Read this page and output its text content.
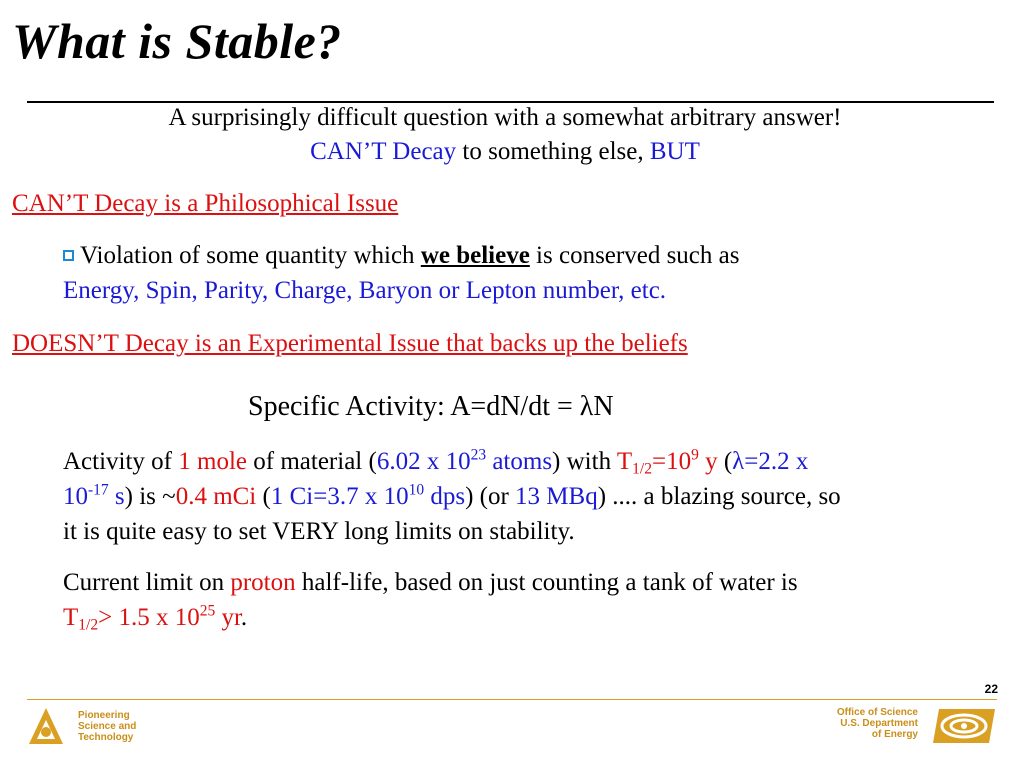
What is Stable?
A surprisingly difficult question with a somewhat arbitrary answer!
CAN’T Decay to something else, BUT
CAN’T Decay is a Philosophical Issue
Violation of some quantity which we believe is conserved such as
Energy, Spin, Parity, Charge, Baryon or Lepton number, etc.
DOESN’T Decay is an Experimental Issue that backs up the beliefs
Specific Activity: A=dN/dt = λN
Activity of 1 mole of material (6.02 x $10^{23}$ atoms) with $T_{1/2}=10^9$ y (λ=2.2 x
$10^{-17}$ s) is ~0.4 mCi (1 Ci=3.7 x $10^{10}$ dps) (or 13 MBq) .... a blazing source, so
it is quite easy to set VERY long limits on stability.
Current limit on proton half-life, based on just counting a tank of water is
$T_{1/2}> 1.5$ x $10^{25}$ yr.
22
Pioneering
Science and
Technology
Office of Science
U.S. Department
of Energy
